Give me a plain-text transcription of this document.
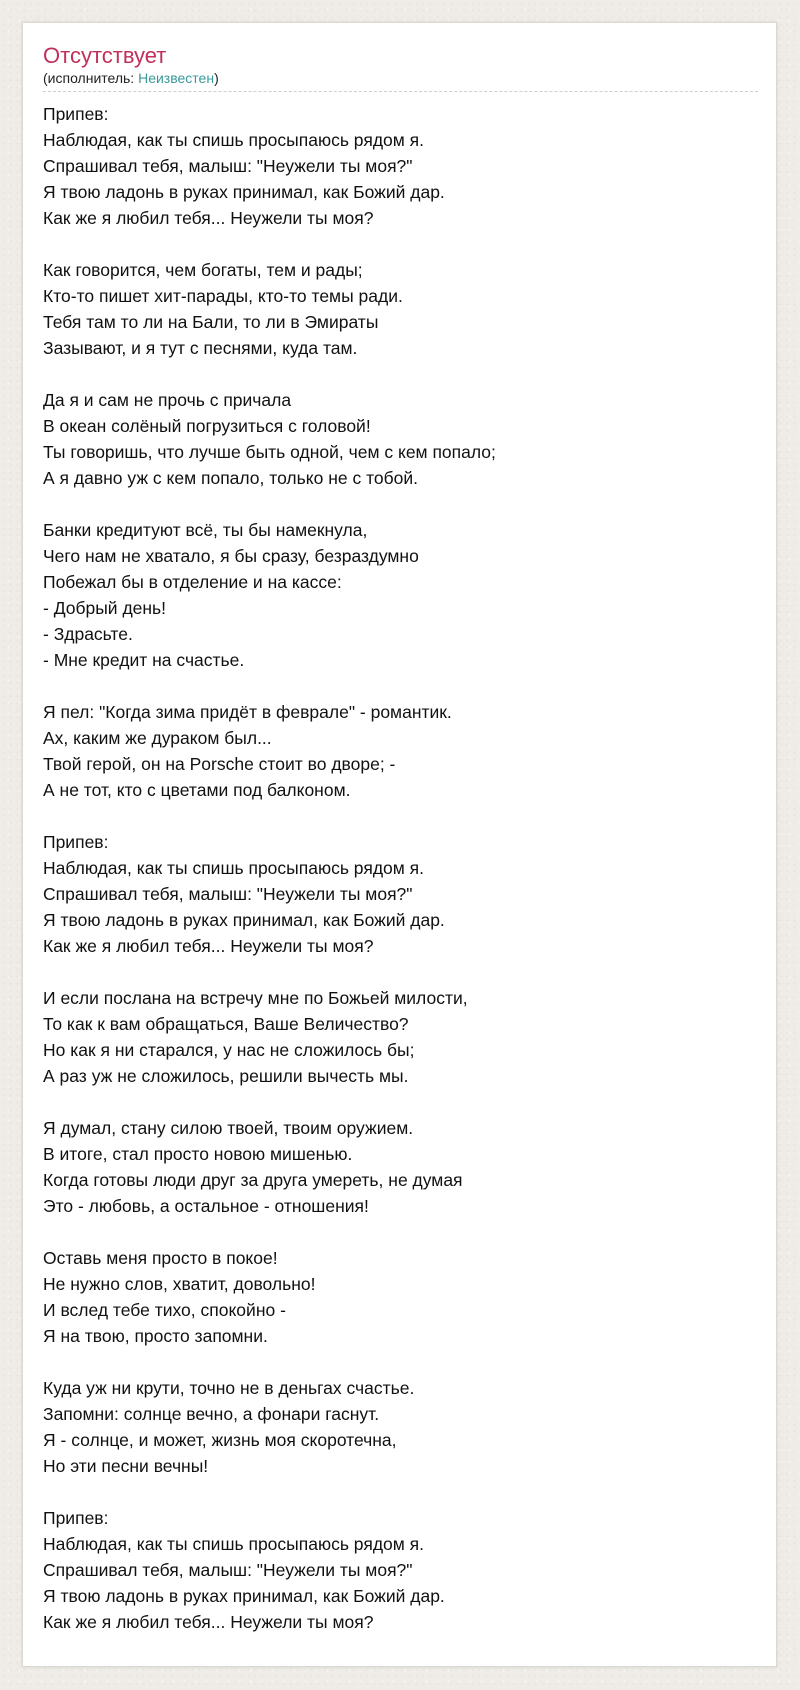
Отсутствует
(исполнитель: Неизвестен)
Припев:
Наблюдая, как ты спишь просыпаюсь рядом я.
Спрашивал тебя, малыш: "Неужели ты моя?"
Я твою ладонь в руках принимал, как Божий дар.
Как же я любил тебя... Неужели ты моя?
Как говорится, чем богаты, тем и рады;
Кто-то пишет хит-парады, кто-то темы ради.
Тебя там то ли на Бали, то ли в Эмираты
Зазывают, и я тут с песнями, куда там.
Да я и сам не прочь с причала
В океан солёный погрузиться с головой!
Ты говоришь, что лучше быть одной, чем с кем попало;
А я давно уж с кем попало, только не с тобой.
Банки кредитуют всё, ты бы намекнула,
Чего нам не хватало, я бы сразу, безраздумно
Побежал бы в отделение и на кассе:
- Добрый день!
- Здрасьте.
- Мне кредит на счастье.
Я пел: "Когда зима придёт в феврале" - романтик.
Ах, каким же дураком был...
Твой герой, он на Porsche стоит во дворе; -
А не тот, кто с цветами под балконом.
Припев:
Наблюдая, как ты спишь просыпаюсь рядом я.
Спрашивал тебя, малыш: "Неужели ты моя?"
Я твою ладонь в руках принимал, как Божий дар.
Как же я любил тебя... Неужели ты моя?
И если послана на встречу мне по Божьей милости,
То как к вам обращаться, Ваше Величество?
Но как я ни старался, у нас не сложилось бы;
А раз уж не сложилось, решили вычесть мы.
Я думал, стану силою твоей, твоим оружием.
В итоге, стал просто новою мишенью.
Когда готовы люди друг за друга умереть, не думая
Это - любовь, а остальное - отношения!
Оставь меня просто в покое!
Не нужно слов, хватит, довольно!
И вслед тебе тихо, спокойно -
Я на твою, просто запомни.
Куда уж ни крути, точно не в деньгах счастье.
Запомни: солнце вечно, а фонари гаснут.
Я - солнце, и может, жизнь моя скоротечна,
Но эти песни вечны!
Припев:
Наблюдая, как ты спишь просыпаюсь рядом я.
Спрашивал тебя, малыш: "Неужели ты моя?"
Я твою ладонь в руках принимал, как Божий дар.
Как же я любил тебя... Неужели ты моя?
